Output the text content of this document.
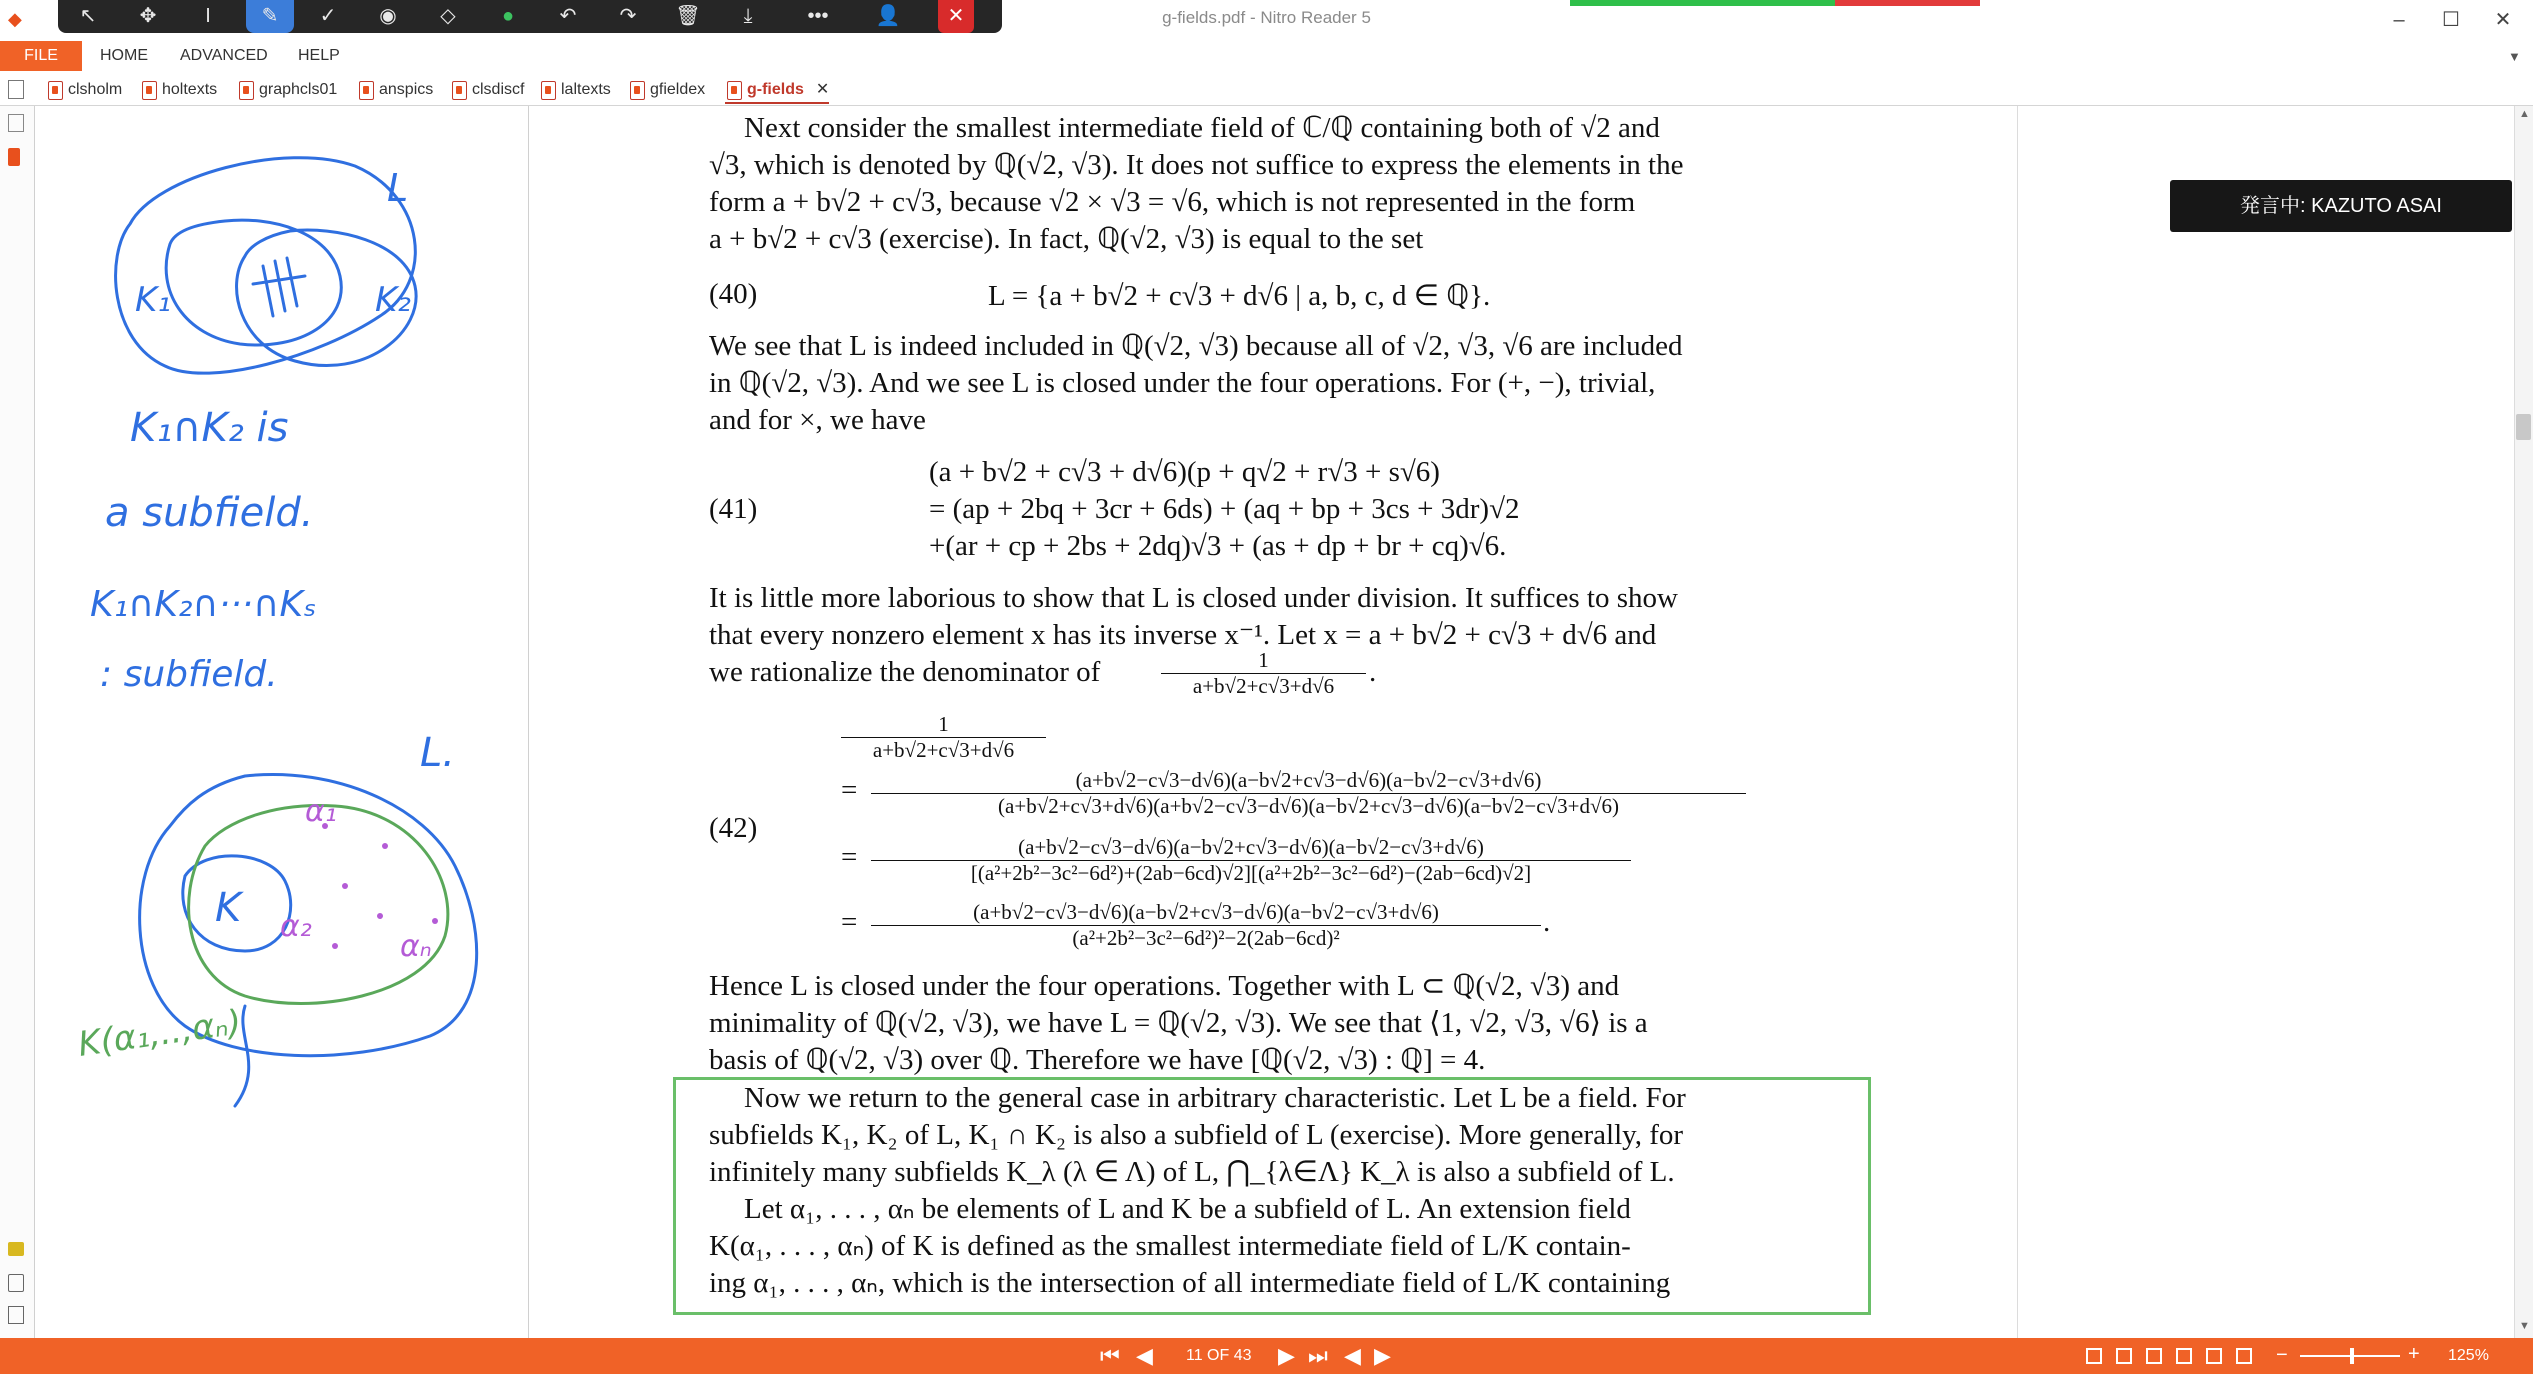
◆	g-fields.pdf - Nitro Reader 5	–	☐	✕
↖	✥	I	✎	✓	◉	◇	●	↶	↷	🗑	⤓	•••	👤	✕
FILE	HOME ADVANCED HELP	▼
clsholm	holtexts	graphcls01	anspics	clsdiscf	laltexts	gfieldex	g-fields ✕
L
K₁	K₂
K₁∩K₂ is
a subfield.
K₁∩K₂∩···∩Kₛ
: subfield.
L.
K
α₁
α₂
αₙ
K(α₁,..,αₙ)
Next consider the smallest intermediate field of ℂ/ℚ containing both of √2 and
√3, which is denoted by ℚ(√2, √3). It does not suffice to express the elements in the
form a + b√2 + c√3, because √2 × √3 = √6, which is not represented in the form
a + b√2 + c√3 (exercise). In fact, ℚ(√2, √3) is equal to the set
(40)	L = {a + b√2 + c√3 + d√6 | a, b, c, d ∈ ℚ}.
We see that L is indeed included in ℚ(√2, √3) because all of √2, √3, √6 are included
in ℚ(√2, √3). And we see L is closed under the four operations. For (+, −), trivial,
and for ×, we have
(41)
(a + b√2 + c√3 + d√6)(p + q√2 + r√3 + s√6)
= (ap + 2bq + 3cr + 6ds) + (aq + bp + 3cs + 3dr)√2
+(ar + cp + 2bs + 2dq)√3 + (as + dp + br + cq)√6.
It is little more laborious to show that L is closed under division. It suffices to show
that every nonzero element x has its inverse x⁻¹. Let x = a + b√2 + c√3 + d√6 and
we rationalize the denominator of	$\frac{1}{a+b√2+c√3+d√6}$ .
(42)
$\frac{1}{a+b√2+c√3+d√6}$
= $\frac{(a+b√2-c√3-d√6)(a-b√2+c√3-d√6)(a-b√2-c√3+d√6)}{(a+b√2+c√3+d√6)(a+b√2-c√3-d√6)(a-b√2+c√3-d√6)(a-b√2-c√3+d√6)}$
= $\frac{(a+b√2-c√3-d√6)(a-b√2+c√3-d√6)(a-b√2-c√3+d√6)}{\text{[(a²+2b²−3c²−6d²)+(2ab−6cd)√2][(a²+2b²−3c²−6d²)−(2ab−6cd)√2]}}$
= $\frac{(a+b√2-c√3-d√6)(a-b√2+c√3-d√6)(a-b√2-c√3+d√6)}{\text{(a²+2b²−3c²−6d²)²−2(2ab−6cd)²}}$ .
Hence L is closed under the four operations. Together with L ⊂ ℚ(√2, √3) and
minimality of ℚ(√2, √3), we have L = ℚ(√2, √3). We see that ⟨1, √2, √3, √6⟩ is a
basis of ℚ(√2, √3) over ℚ. Therefore we have [ℚ(√2, √3) : ℚ] = 4.
Now we return to the general case in arbitrary characteristic. Let L be a field. For
subfields K₁, K₂ of L, K₁ ∩ K₂ is also a subfield of L (exercise). More generally, for
infinitely many subfields K_λ (λ ∈ Λ) of L, ⋂_{λ∈Λ} K_λ is also a subfield of L.
Let α₁, . . . , αₙ be elements of L and K be a subfield of L. An extension field
K(α₁, . . . , αₙ) of K is defined as the smallest intermediate field of L/K contain-
ing α₁, . . . , αₙ, which is the intersection of all intermediate field of L/K containing
発言中: KAZUTO ASAI
▲
▼
⏮ ◀ 11 OF 43 ▶ ⏭ ◀ ▶	−	+ 125%
